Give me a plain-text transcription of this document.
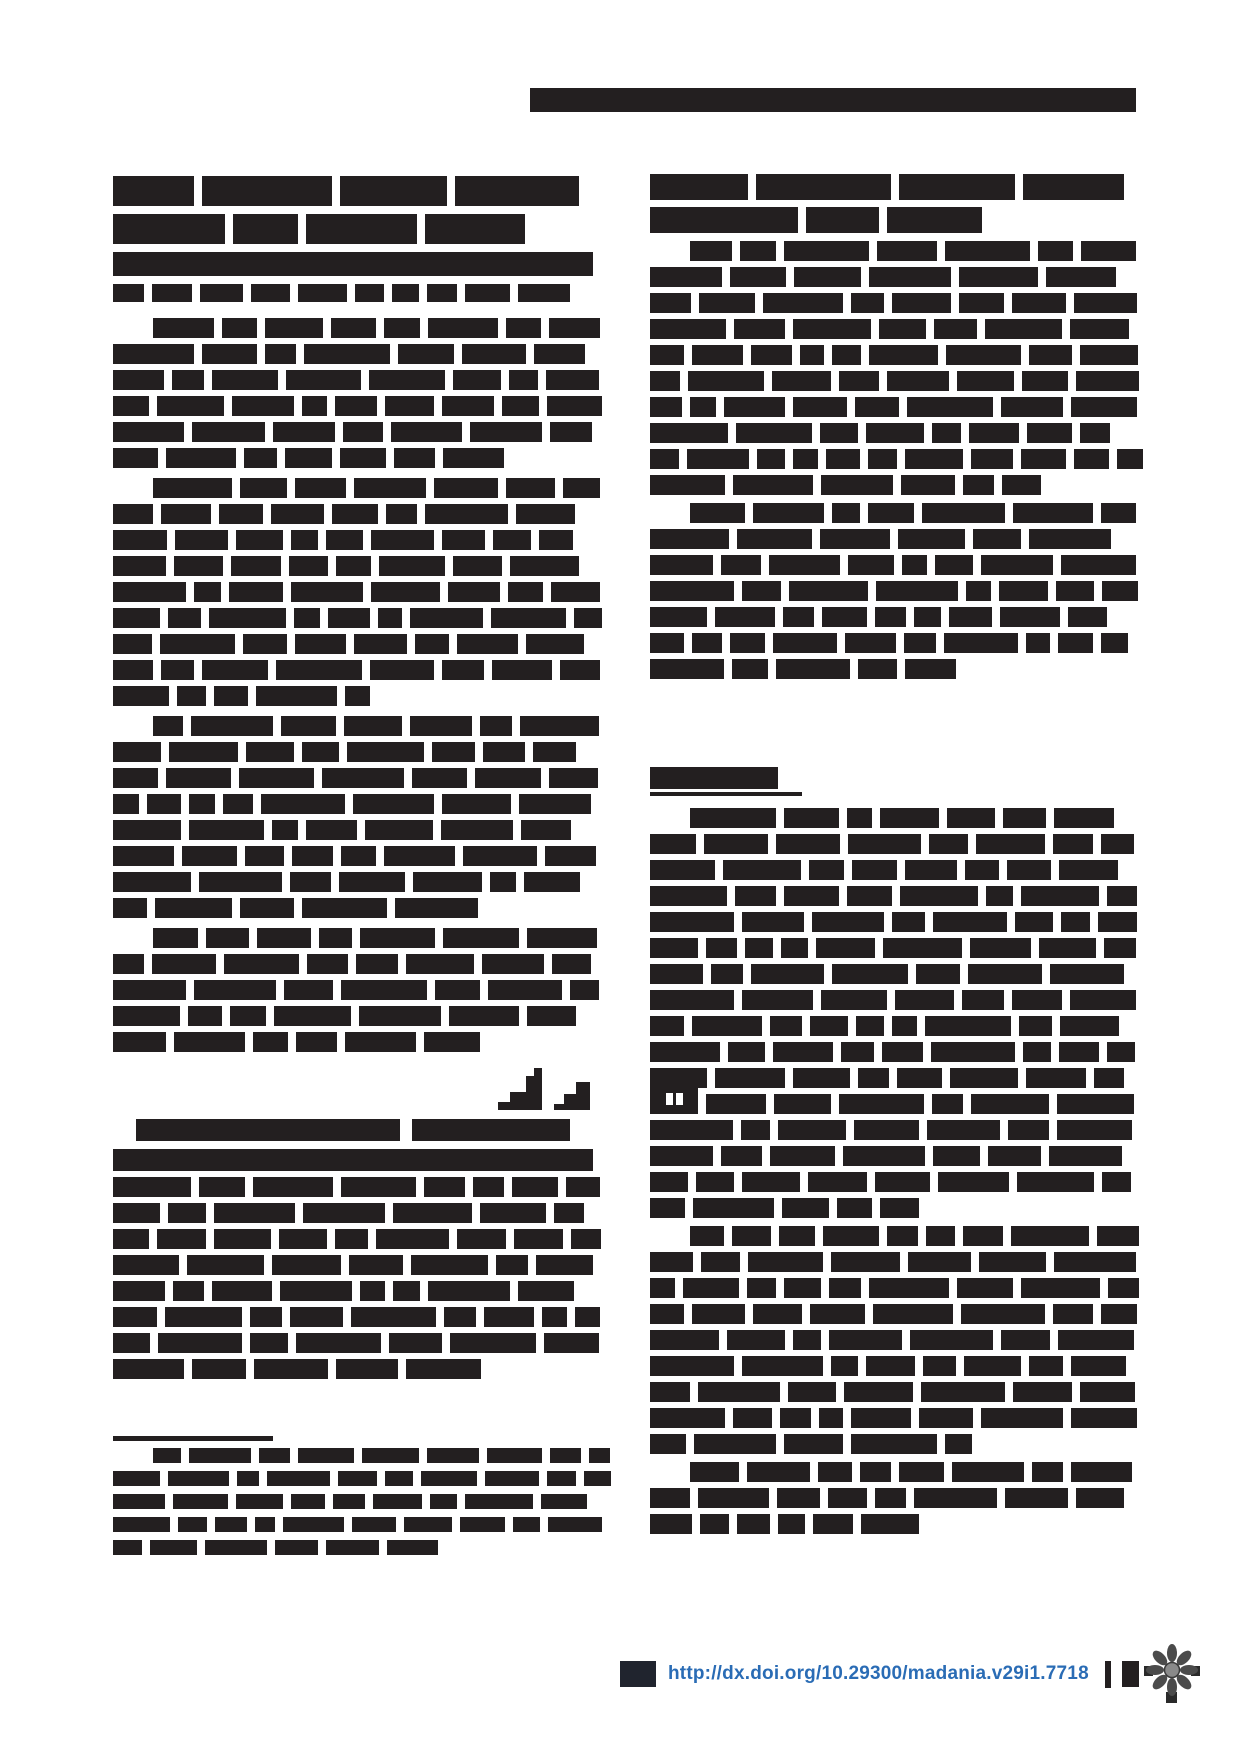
http://dx.doi.org/10.29300/madania.v29i1.7718
